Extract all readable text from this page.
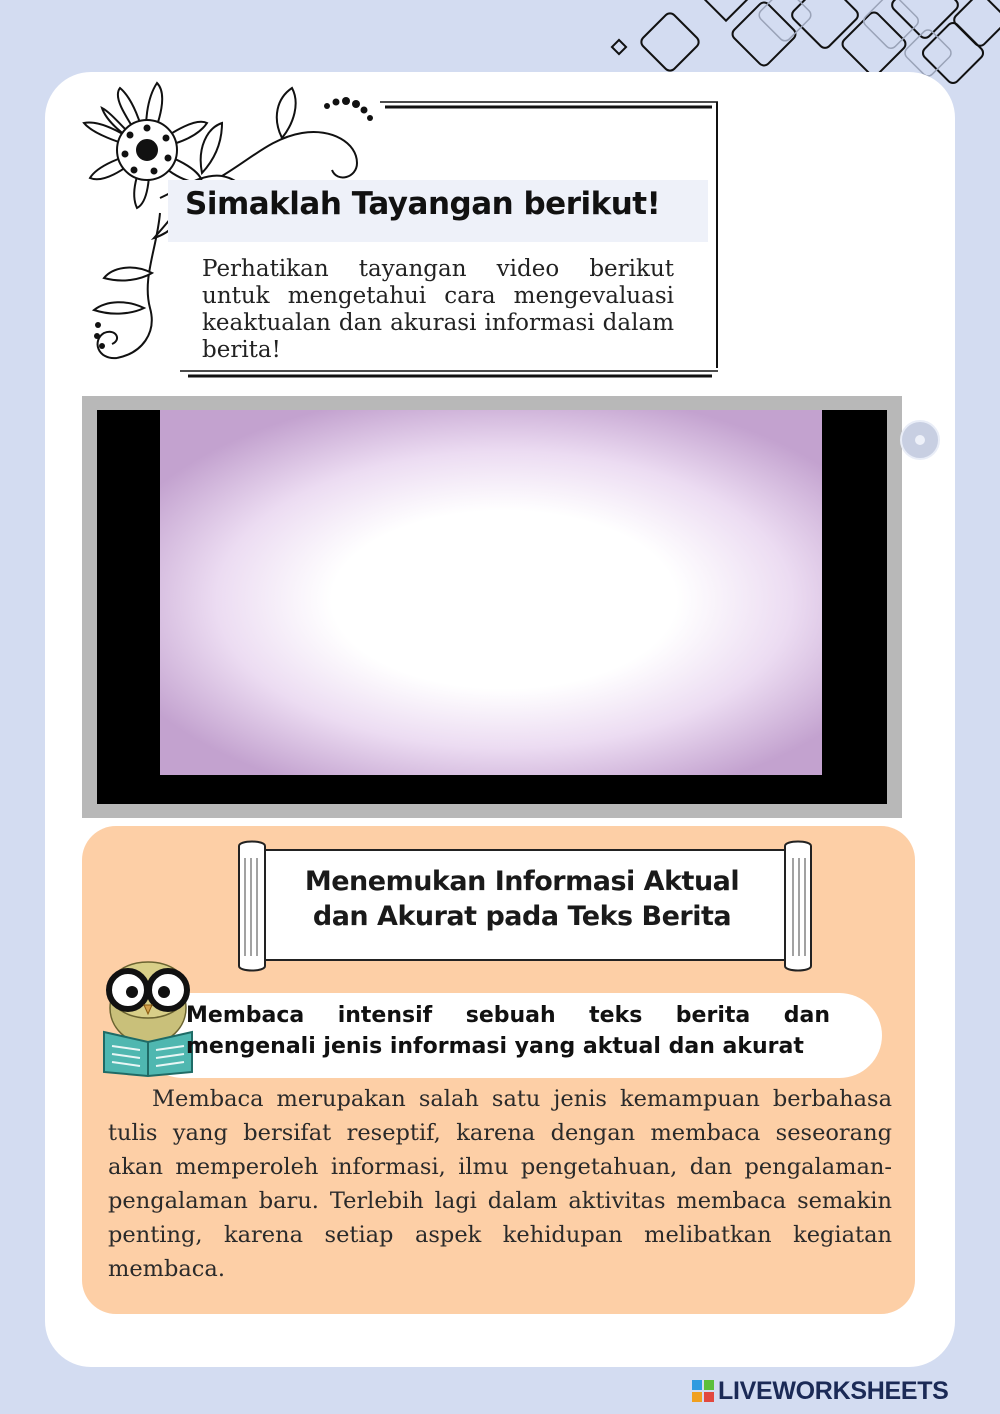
Simaklah Tayangan berikut!

Perhatikan tayangan video berikut untuk mengetahui cara mengevaluasi keaktualan dan akurasi informasi dalam berita!

Menemukan Informasi Aktual
dan Akurat pada Teks Berita

Membaca intensif sebuah teks berita dan
mengenali jenis informasi yang aktual dan akurat

Membaca merupakan salah satu jenis kemampuan berbahasa tulis yang bersifat reseptif, karena dengan membaca seseorang akan memperoleh informasi, ilmu pengetahuan, dan pengalaman-pengalaman baru. Terlebih lagi dalam aktivitas membaca semakin penting, karena setiap aspek kehidupan melibatkan kegiatan membaca.

LIVEWORKSHEETS
